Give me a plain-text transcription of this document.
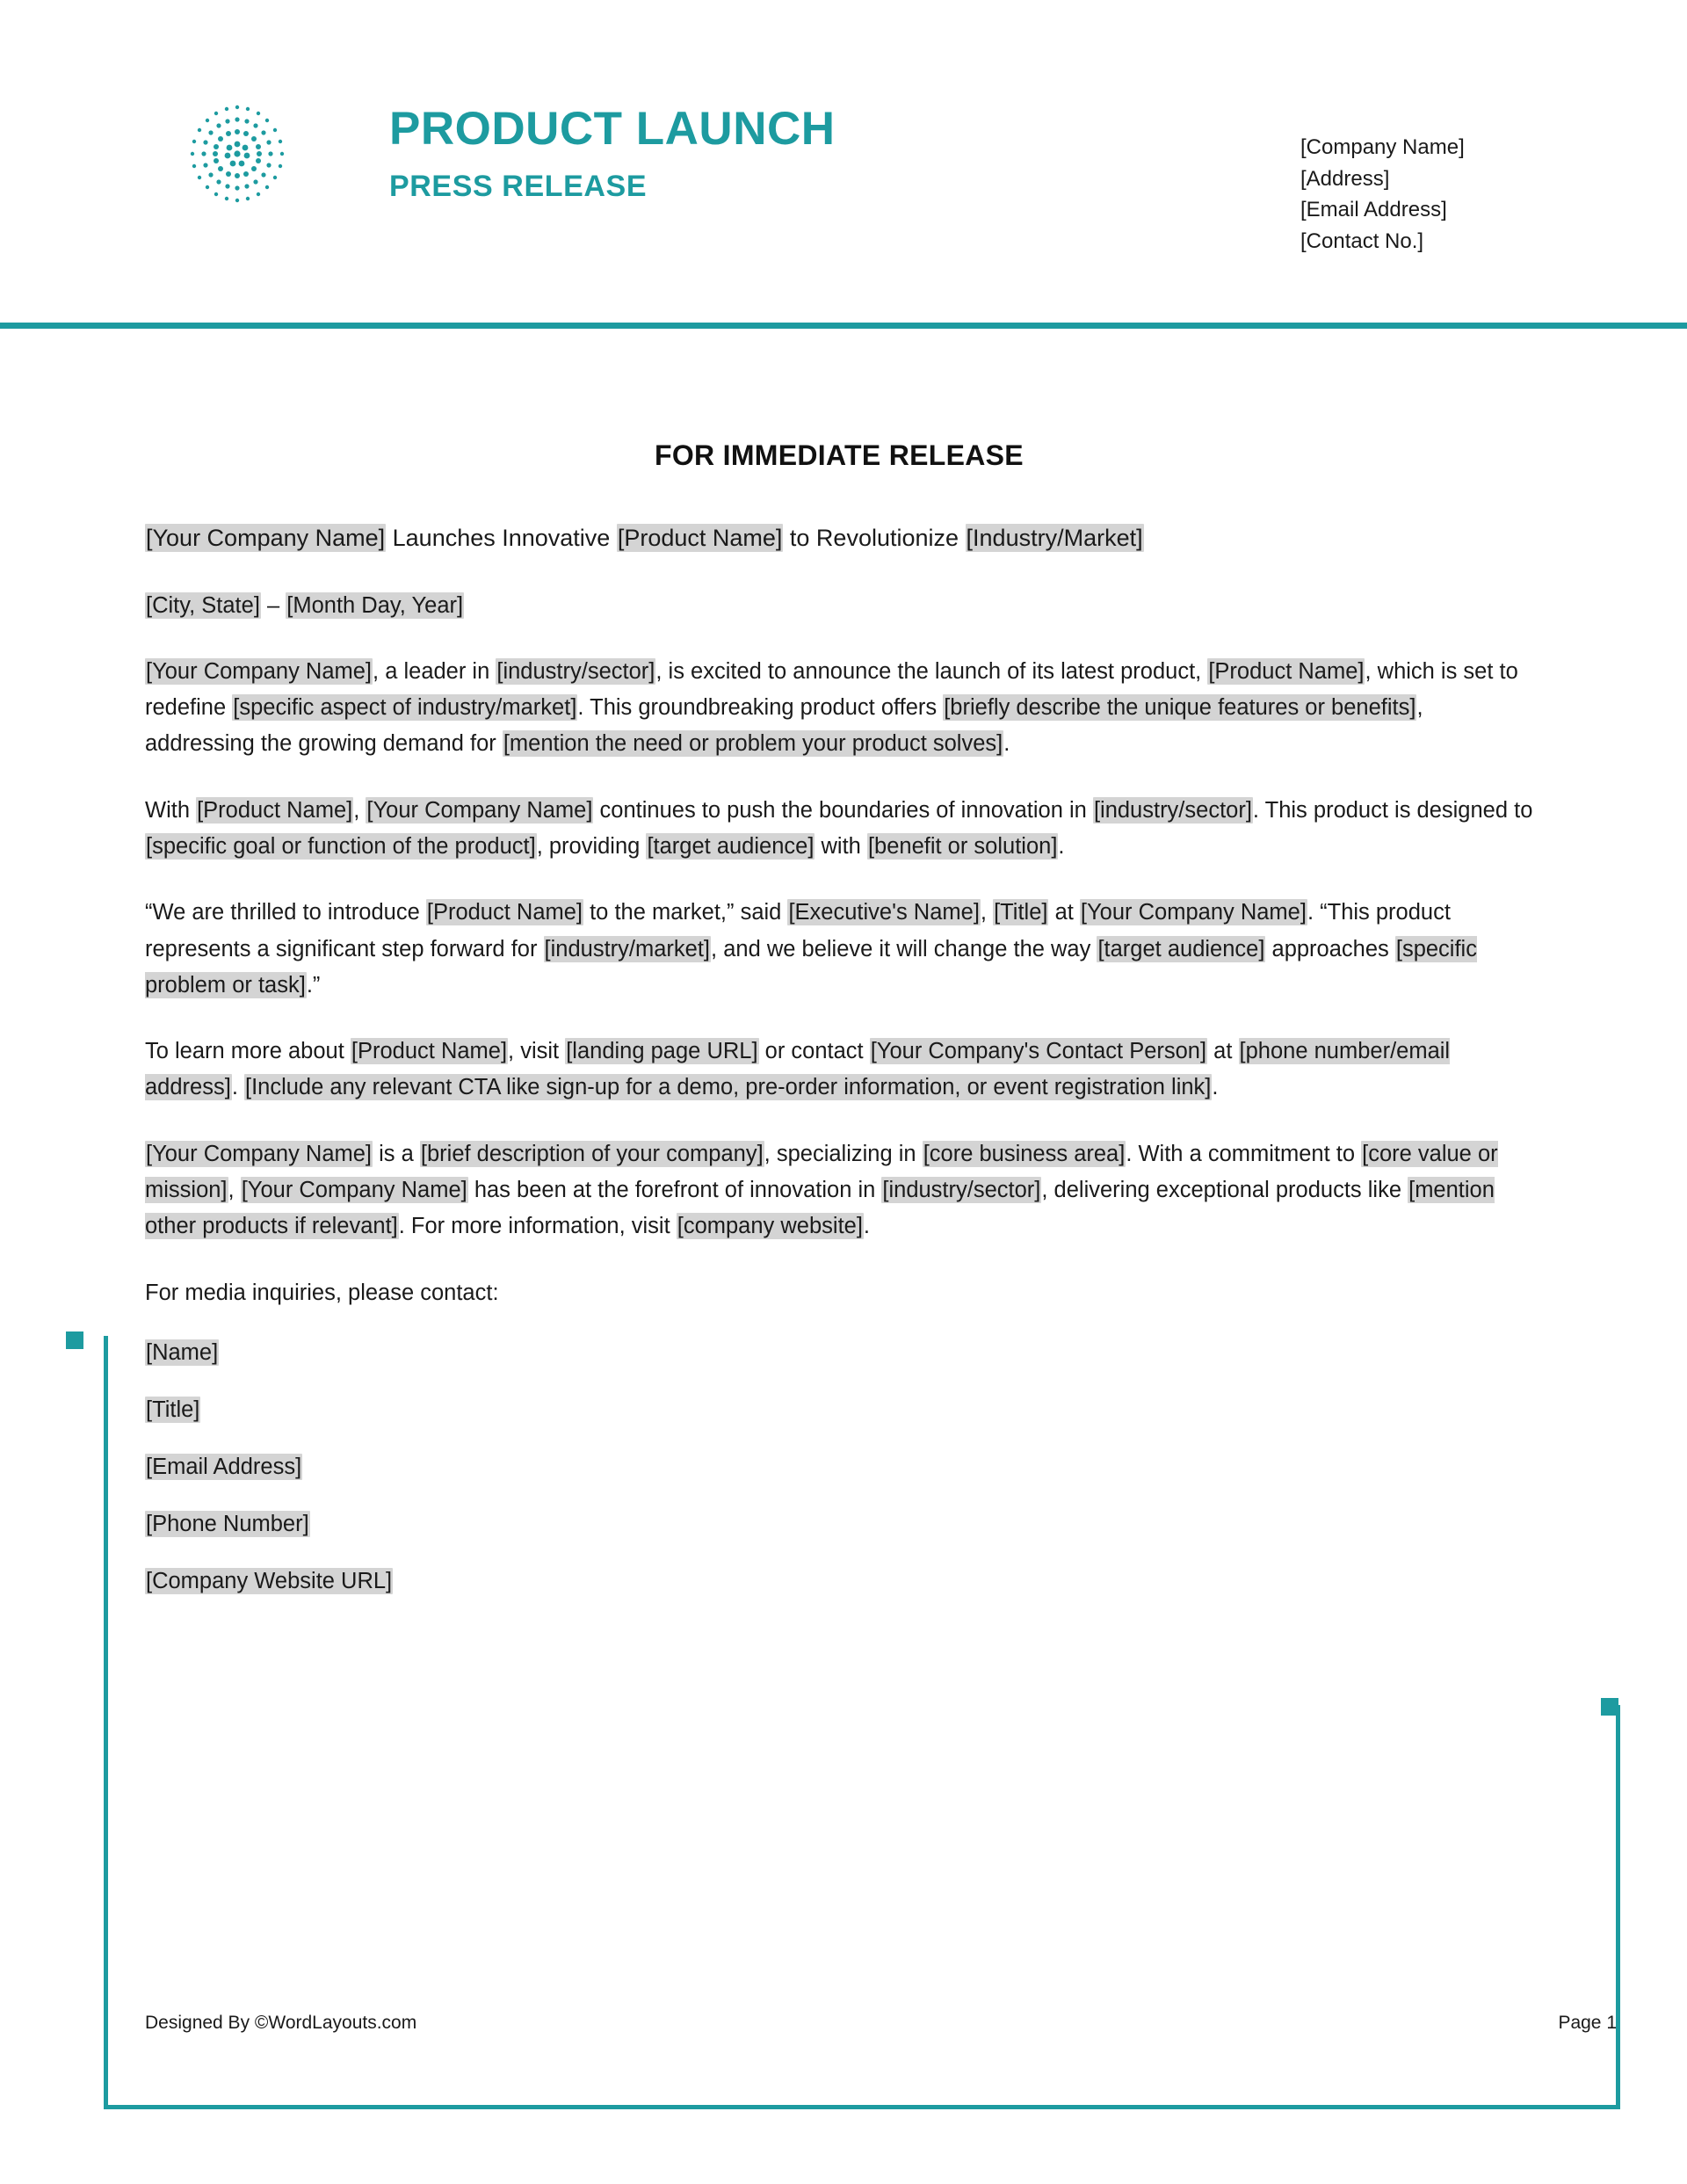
PRODUCT LAUNCH
PRESS RELEASE
[Company Name]
[Address]
[Email Address]
[Contact No.]
FOR IMMEDIATE RELEASE

[Your Company Name] Launches Innovative [Product Name] to Revolutionize [Industry/Market]

[City, State] – [Month Day, Year]

[Your Company Name], a leader in [industry/sector], is excited to announce the launch of its latest product, [Product Name], which is set to redefine [specific aspect of industry/market]. This groundbreaking product offers [briefly describe the unique features or benefits], addressing the growing demand for [mention the need or problem your product solves].

With [Product Name], [Your Company Name] continues to push the boundaries of innovation in [industry/sector]. This product is designed to [specific goal or function of the product], providing [target audience] with [benefit or solution].

“We are thrilled to introduce [Product Name] to the market,” said [Executive's Name], [Title] at [Your Company Name]. “This product represents a significant step forward for [industry/market], and we believe it will change the way [target audience] approaches [specific problem or task].”

To learn more about [Product Name], visit [landing page URL] or contact [Your Company's Contact Person] at [phone number/email address]. [Include any relevant CTA like sign-up for a demo, pre-order information, or event registration link].

[Your Company Name] is a [brief description of your company], specializing in [core business area]. With a commitment to [core value or mission], [Your Company Name] has been at the forefront of innovation in [industry/sector], delivering exceptional products like [mention other products if relevant]. For more information, visit [company website].

For media inquiries, please contact:

[Name]

[Title]

[Email Address]

[Phone Number]

[Company Website URL]

Designed By ©WordLayouts.com	Page 1
